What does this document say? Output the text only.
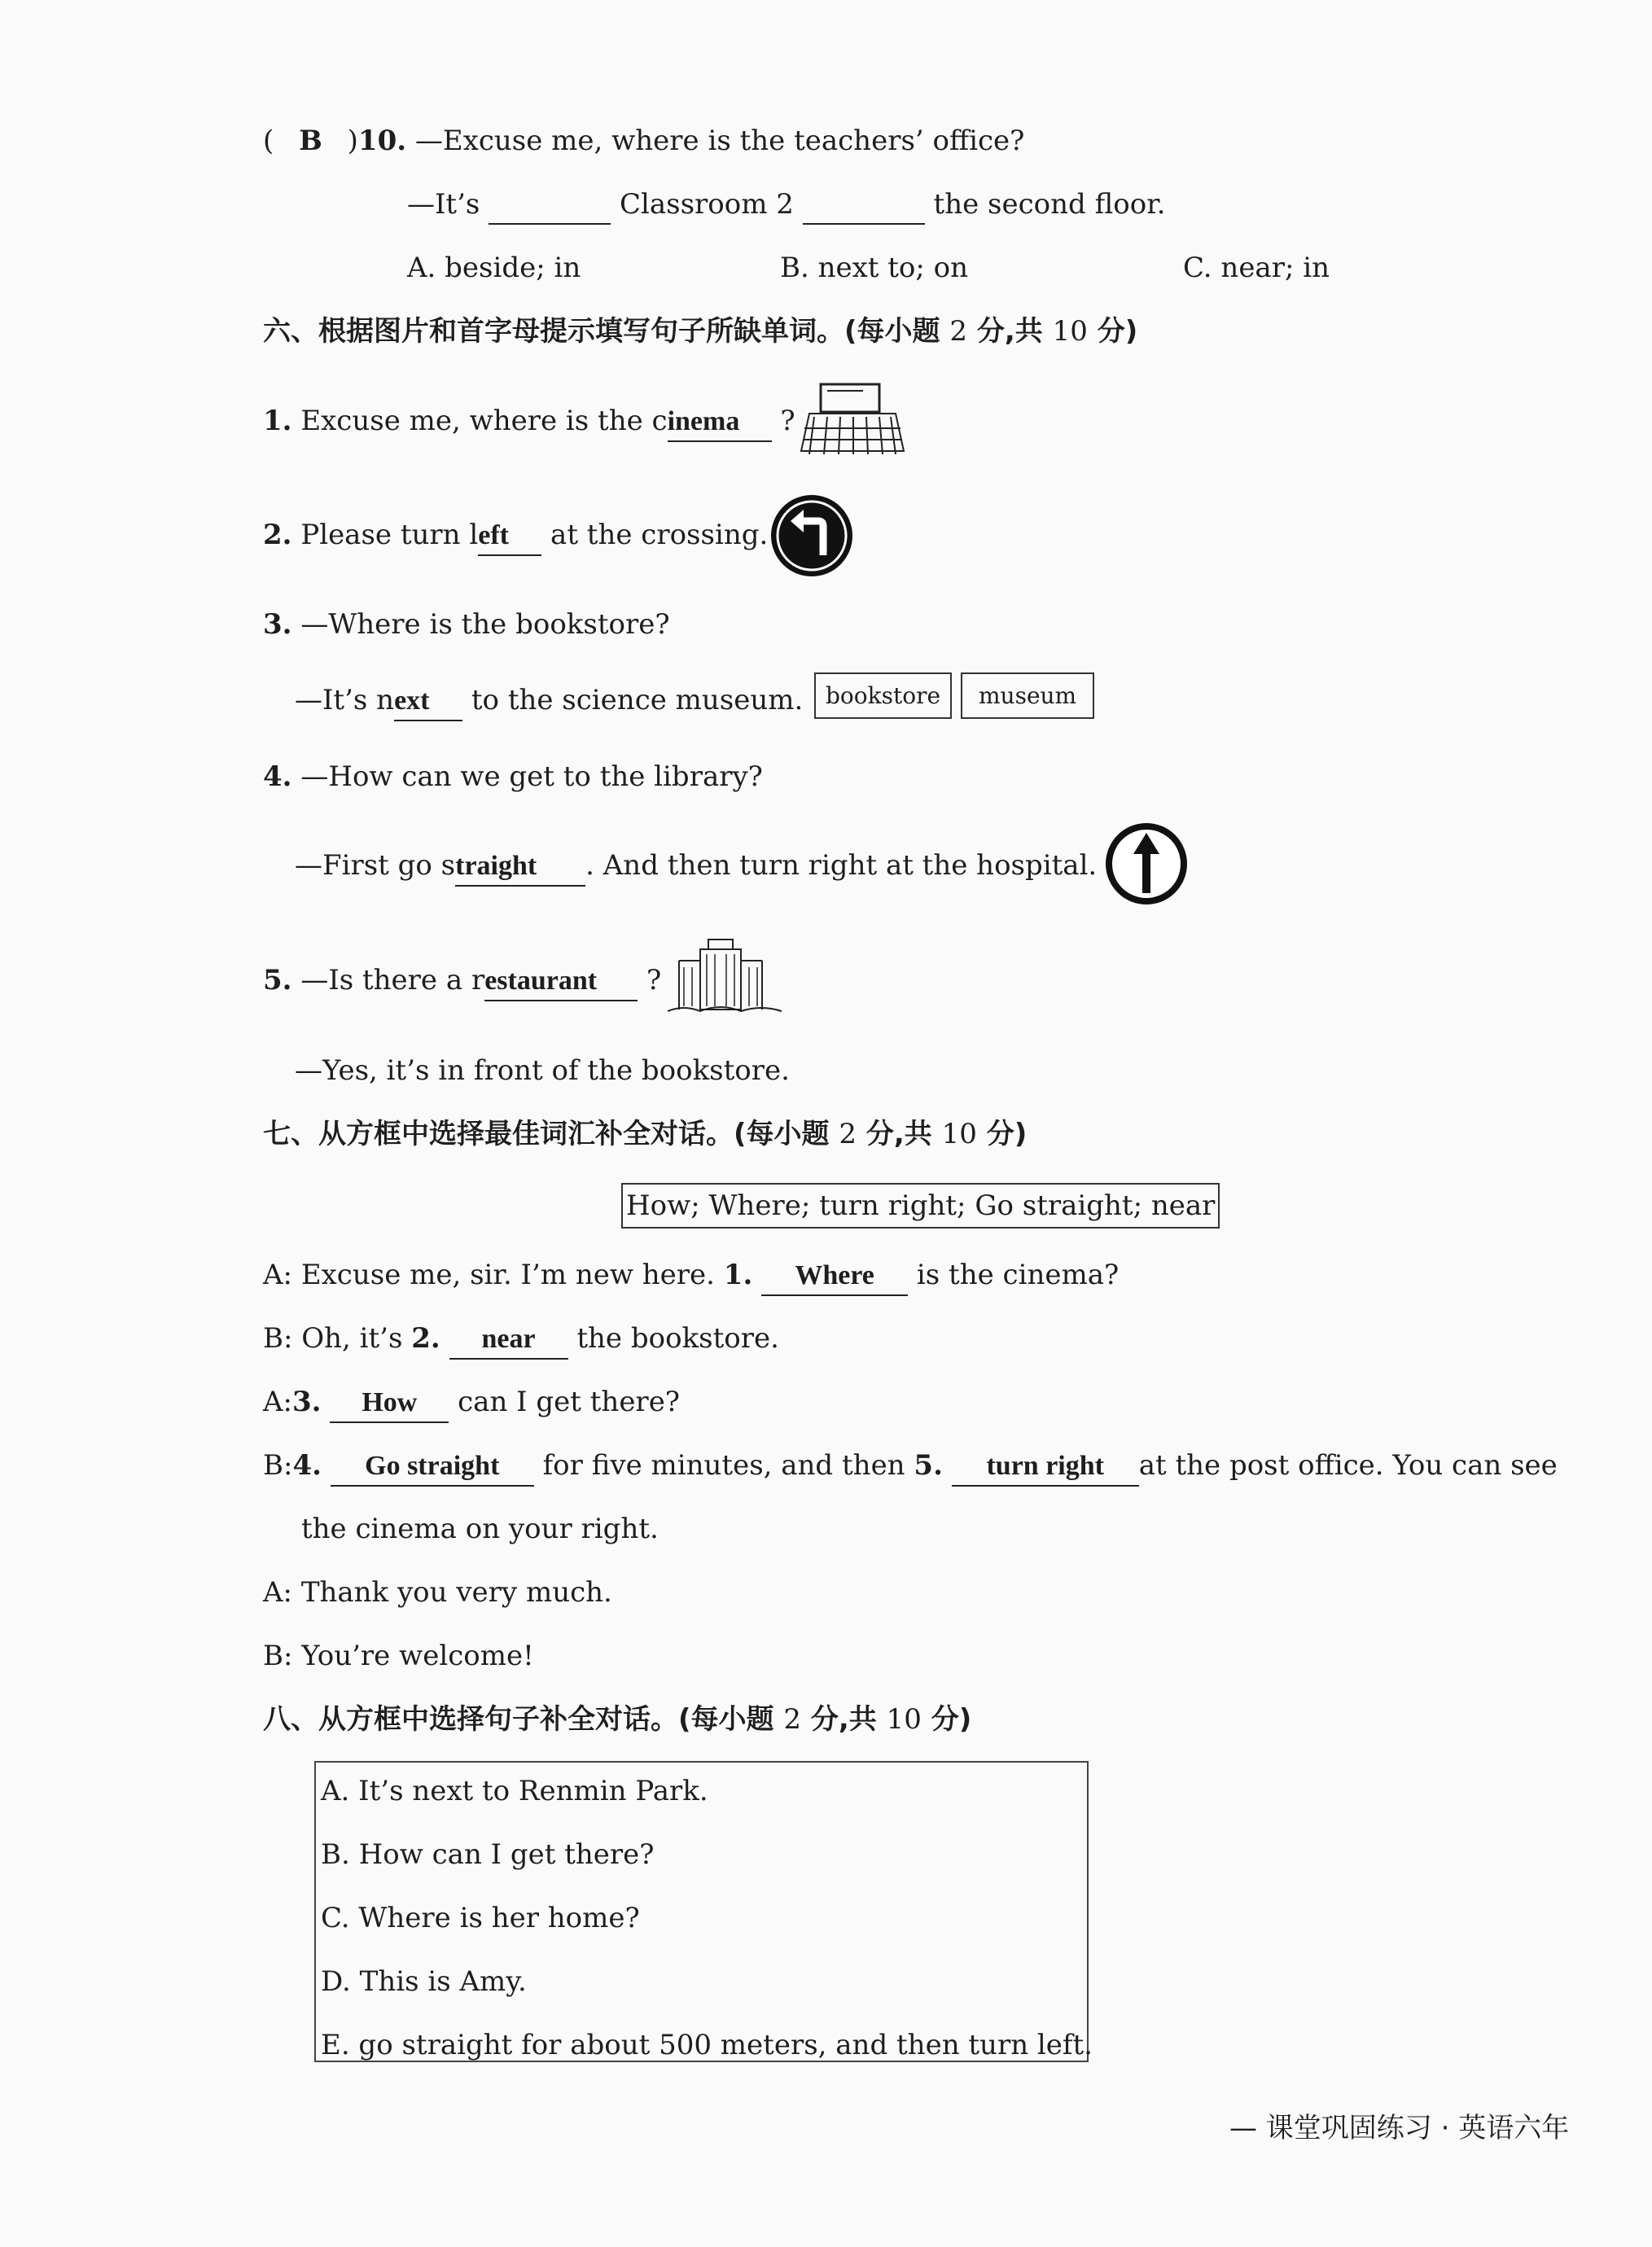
( B )10. —Excuse me, where is the teachers’ office?
—It’s	Classroom 2	the second floor.
A. beside; in	B. next to; on	C. near; in
六、根据图片和首字母提示填写句子所缺单词。(每小题 2 分,共 10 分)
1. Excuse me, where is the cinema ?
2. Please turn left at the crossing.
3. —Where is the bookstore?
—It’s next to the science museum. bookstore	museum
4. —How can we get to the library?
—First go straight . And then turn right at the hospital.
5. —Is there a restaurant ?
—Yes, it’s in front of the bookstore.
七、从方框中选择最佳词汇补全对话。(每小题 2 分,共 10 分)
How; Where; turn right; Go straight; near
A: Excuse me, sir. I’m new here. 1. Where is the cinema?
B: Oh, it’s 2. near the bookstore.
A:3. How can I get there?
B:4. Go straight for five minutes, and then 5. turn right at the post office. You can see
the cinema on your right.
A: Thank you very much.
B: You’re welcome!
八、从方框中选择句子补全对话。(每小题 2 分,共 10 分)
A. It’s next to Renmin Park.
B. How can I get there?
C. Where is her home?
D. This is Amy.
E. go straight for about 500 meters, and then turn left.
— 课堂巩固练习 · 英语六年
